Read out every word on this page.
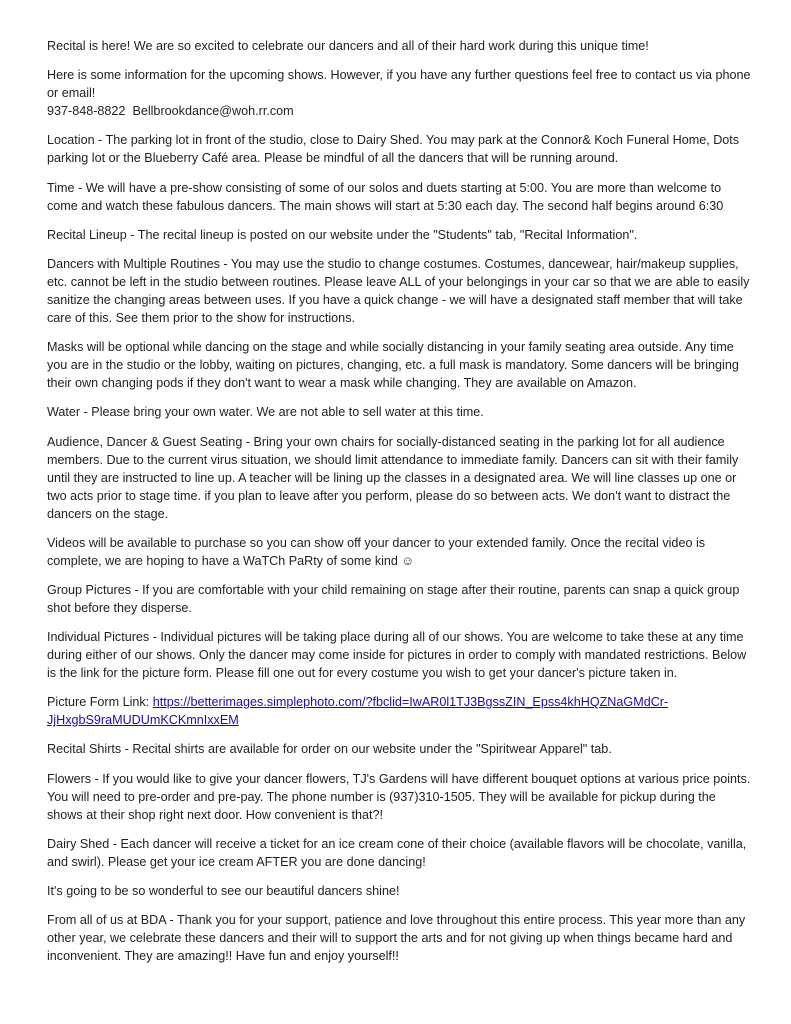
Recital is here! We are so excited to celebrate our dancers and all of their hard work during this unique time!

Here is some information for the upcoming shows. However, if you have any further questions feel free to contact us via phone or email!
937-848-8822 Bellbrookdance@woh.rr.com

Location - The parking lot in front of the studio, close to Dairy Shed. You may park at the Connor& Koch Funeral Home, Dots parking lot or the Blueberry Café area. Please be mindful of all the dancers that will be running around.

Time - We will have a pre-show consisting of some of our solos and duets starting at 5:00. You are more than welcome to come and watch these fabulous dancers. The main shows will start at 5:30 each day. The second half begins around 6:30

Recital Lineup - The recital lineup is posted on our website under the "Students" tab, "Recital Information".

Dancers with Multiple Routines - You may use the studio to change costumes. Costumes, dancewear, hair/makeup supplies, etc. cannot be left in the studio between routines. Please leave ALL of your belongings in your car so that we are able to easily sanitize the changing areas between uses. If you have a quick change - we will have a designated staff member that will take care of this. See them prior to the show for instructions.

Masks will be optional while dancing on the stage and while socially distancing in your family seating area outside. Any time you are in the studio or the lobby, waiting on pictures, changing, etc. a full mask is mandatory. Some dancers will be bringing their own changing pods if they don't want to wear a mask while changing. They are available on Amazon.

Water - Please bring your own water. We are not able to sell water at this time.

Audience, Dancer & Guest Seating - Bring your own chairs for socially-distanced seating in the parking lot for all audience members. Due to the current virus situation, we should limit attendance to immediate family. Dancers can sit with their family until they are instructed to line up. A teacher will be lining up the classes in a designated area. We will line classes up one or two acts prior to stage time. if you plan to leave after you perform, please do so between acts. We don't want to distract the dancers on the stage.

Videos will be available to purchase so you can show off your dancer to your extended family. Once the recital video is complete, we are hoping to have a WaTCh PaRty of some kind ☺

Group Pictures - If you are comfortable with your child remaining on stage after their routine, parents can snap a quick group shot before they disperse.

Individual Pictures - Individual pictures will be taking place during all of our shows. You are welcome to take these at any time during either of our shows. Only the dancer may come inside for pictures in order to comply with mandated restrictions. Below is the link for the picture form. Please fill one out for every costume you wish to get your dancer's picture taken in.

Picture Form Link: https://betterimages.simplephoto.com/?fbclid=IwAR0l1TJ3BgssZIN_Epss4khHQZNaGMdCr-JjHxgbS9raMUDUmKCKmnIxxEM

Recital Shirts - Recital shirts are available for order on our website under the "Spiritwear Apparel" tab.

Flowers - If you would like to give your dancer flowers, TJ's Gardens will have different bouquet options at various price points. You will need to pre-order and pre-pay. The phone number is (937)310-1505. They will be available for pickup during the shows at their shop right next door. How convenient is that?!

Dairy Shed - Each dancer will receive a ticket for an ice cream cone of their choice (available flavors will be chocolate, vanilla, and swirl). Please get your ice cream AFTER you are done dancing!

It's going to be so wonderful to see our beautiful dancers shine!

From all of us at BDA - Thank you for your support, patience and love throughout this entire process. This year more than any other year, we celebrate these dancers and their will to support the arts and for not giving up when things became hard and inconvenient. They are amazing!! Have fun and enjoy yourself!!
